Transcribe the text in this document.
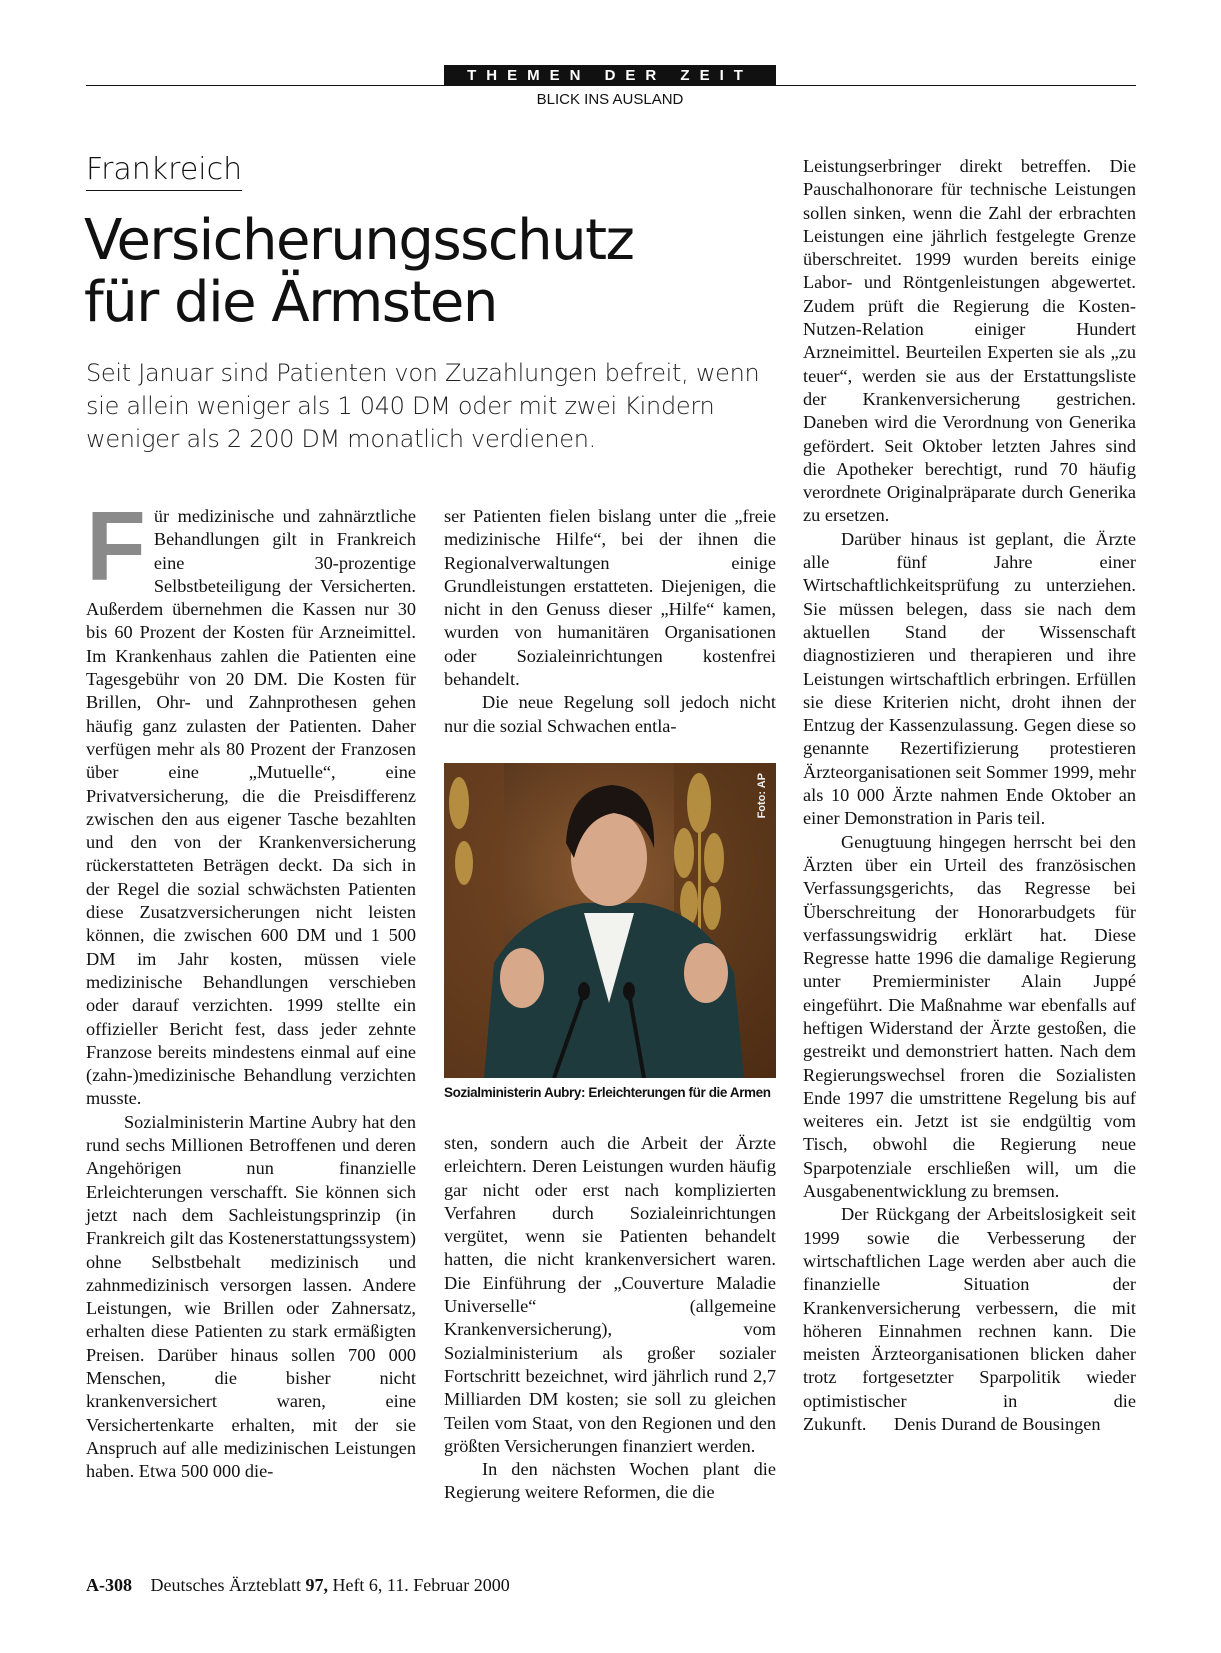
THEMEN DER ZEIT
BLICK INS AUSLAND
Frankreich
Versicherungsschutz
für die Ärmsten

Seit Januar sind Patienten von Zuzahlungen befreit, wenn sie allein weniger als 1 040 DM oder mit zwei Kindern weniger als 2 200 DM monatlich verdienen.

Für medizinische und zahnärztliche Behandlungen gilt in Frankreich eine 30-prozentige Selbstbeteiligung der Versicherten. Außerdem übernehmen die Kassen nur 30 bis 60 Prozent der Kosten für Arzneimittel. Im Krankenhaus zahlen die Patienten eine Tagesgebühr von 20 DM. Die Kosten für Brillen, Ohr- und Zahnprothesen gehen häufig ganz zulasten der Patienten. Daher verfügen mehr als 80 Prozent der Franzosen über eine „Mutuelle“, eine Privatversicherung, die die Preisdifferenz zwischen den aus eigener Tasche bezahlten und den von der Krankenversicherung rückerstatteten Beträgen deckt. Da sich in der Regel die sozial schwächsten Patienten diese Zusatzversicherungen nicht leisten können, die zwischen 600 DM und 1 500 DM im Jahr kosten, müssen viele medizinische Behandlungen verschieben oder darauf verzichten. 1999 stellte ein offizieller Bericht fest, dass jeder zehnte Franzose bereits mindestens einmal auf eine (zahn-)medizinische Behandlung verzichten musste.

Sozialministerin Martine Aubry hat den rund sechs Millionen Betroffenen und deren Angehörigen nun finanzielle Erleichterungen verschafft. Sie können sich jetzt nach dem Sachleistungsprinzip (in Frankreich gilt das Kostenerstattungssystem) ohne Selbstbehalt medizinisch und zahnmedizinisch versorgen lassen. Andere Leistungen, wie Brillen oder Zahnersatz, erhalten diese Patienten zu stark ermäßigten Preisen. Darüber hinaus sollen 700 000 Menschen, die bisher nicht krankenversichert waren, eine Versichertenkarte erhalten, mit der sie Anspruch auf alle medizinischen Leistungen haben. Etwa 500 000 die-

ser Patienten fielen bislang unter die „freie medizinische Hilfe“, bei der ihnen die Regionalverwaltungen einige Grundleistungen erstatteten. Diejenigen, die nicht in den Genuss dieser „Hilfe“ kamen, wurden von humanitären Organisationen oder Sozialeinrichtungen kostenfrei behandelt.

Die neue Regelung soll jedoch nicht nur die sozial Schwachen entla-

Foto: AP
Sozialministerin Aubry: Erleichterungen für die Armen

sten, sondern auch die Arbeit der Ärzte erleichtern. Deren Leistungen wurden häufig gar nicht oder erst nach komplizierten Verfahren durch Sozialeinrichtungen vergütet, wenn sie Patienten behandelt hatten, die nicht krankenversichert waren. Die Einführung der „Couverture Maladie Universelle“ (allgemeine Krankenversicherung), vom Sozialministerium als großer sozialer Fortschritt bezeichnet, wird jährlich rund 2,7 Milliarden DM kosten; sie soll zu gleichen Teilen vom Staat, von den Regionen und den größten Versicherungen finanziert werden.

In den nächsten Wochen plant die Regierung weitere Reformen, die die

Leistungserbringer direkt betreffen. Die Pauschalhonorare für technische Leistungen sollen sinken, wenn die Zahl der erbrachten Leistungen eine jährlich festgelegte Grenze überschreitet. 1999 wurden bereits einige Labor- und Röntgenleistungen abgewertet. Zudem prüft die Regierung die Kosten-Nutzen-Relation einiger Hundert Arzneimittel. Beurteilen Experten sie als „zu teuer“, werden sie aus der Erstattungsliste der Krankenversicherung gestrichen. Daneben wird die Verordnung von Generika gefördert. Seit Oktober letzten Jahres sind die Apotheker berechtigt, rund 70 häufig verordnete Originalpräparate durch Generika zu ersetzen.

Darüber hinaus ist geplant, die Ärzte alle fünf Jahre einer Wirtschaftlichkeitsprüfung zu unterziehen. Sie müssen belegen, dass sie nach dem aktuellen Stand der Wissenschaft diagnostizieren und therapieren und ihre Leistungen wirtschaftlich erbringen. Erfüllen sie diese Kriterien nicht, droht ihnen der Entzug der Kassenzulassung. Gegen diese so genannte Rezertifizierung protestieren Ärzteorganisationen seit Sommer 1999, mehr als 10 000 Ärzte nahmen Ende Oktober an einer Demonstration in Paris teil.

Genugtuung hingegen herrscht bei den Ärzten über ein Urteil des französischen Verfassungsgerichts, das Regresse bei Überschreitung der Honorarbudgets für verfassungswidrig erklärt hat. Diese Regresse hatte 1996 die damalige Regierung unter Premierminister Alain Juppé eingeführt. Die Maßnahme war ebenfalls auf heftigen Widerstand der Ärzte gestoßen, die gestreikt und demonstriert hatten. Nach dem Regierungswechsel froren die Sozialisten Ende 1997 die umstrittene Regelung bis auf weiteres ein. Jetzt ist sie endgültig vom Tisch, obwohl die Regierung neue Sparpotenziale erschließen will, um die Ausgabenentwicklung zu bremsen.

Der Rückgang der Arbeitslosigkeit seit 1999 sowie die Verbesserung der wirtschaftlichen Lage werden aber auch die finanzielle Situation der Krankenversicherung verbessern, die mit höheren Einnahmen rechnen kann. Die meisten Ärzteorganisationen blicken daher trotz fortgesetzter Sparpolitik wieder optimistischer in die Zukunft. Denis Durand de Bousingen

A-308 Deutsches Ärzteblatt 97, Heft 6, 11. Februar 2000
